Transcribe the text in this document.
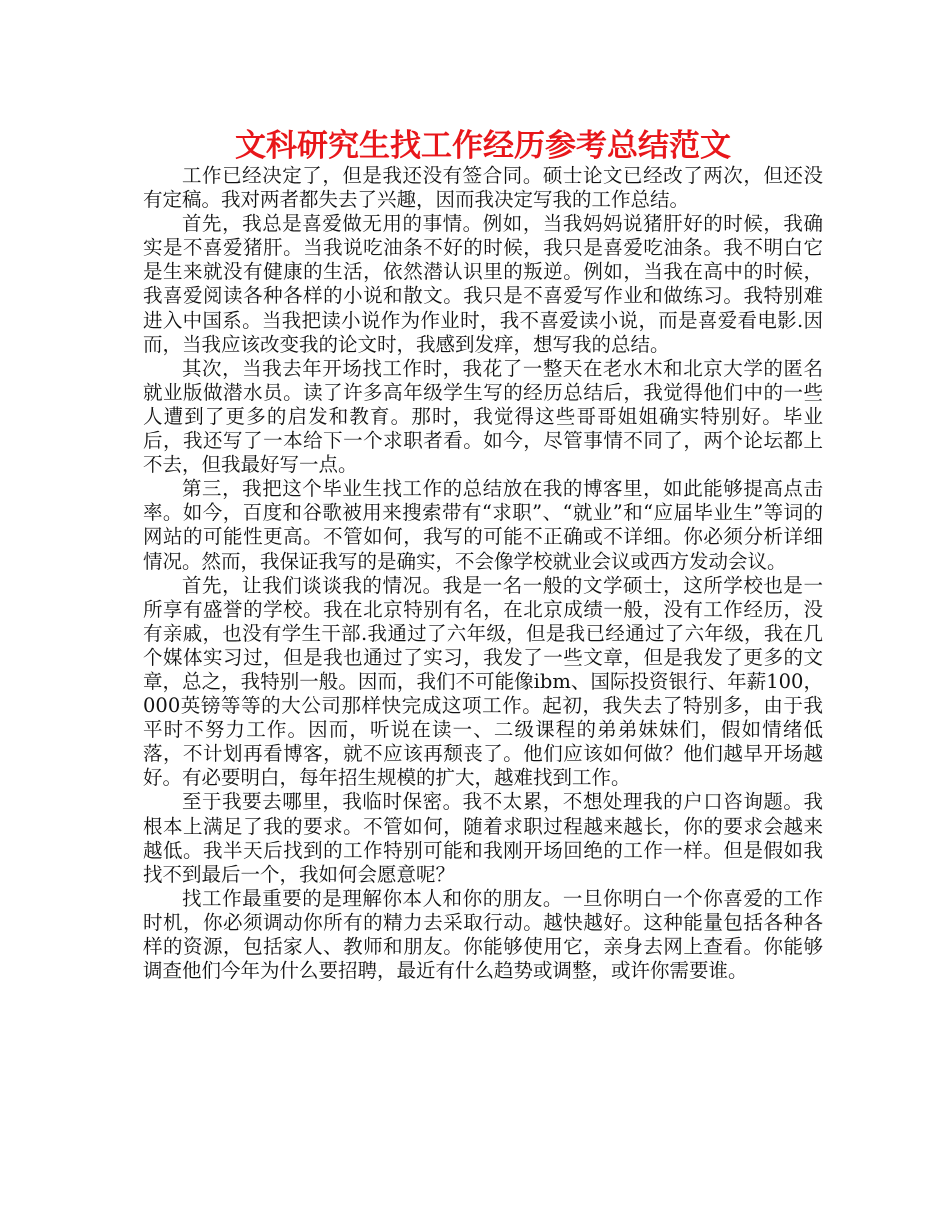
文科研究生找工作经历参考总结范文

工作已经决定了，但是我还没有签合同。硕士论文已经改了两次，但还没有定稿。我对两者都失去了兴趣，因而我决定写我的工作总结。

首先，我总是喜爱做无用的事情。例如，当我妈妈说猪肝好的时候，我确实是不喜爱猪肝。当我说吃油条不好的时候，我只是喜爱吃油条。我不明白它是生来就没有健康的生活，依然潜认识里的叛逆。例如，当我在高中的时候，我喜爱阅读各种各样的小说和散文。我只是不喜爱写作业和做练习。我特别难进入中国系。当我把读小说作为作业时，我不喜爱读小说，而是喜爱看电影.因而，当我应该改变我的论文时，我感到发痒，想写我的总结。

其次，当我去年开场找工作时，我花了一整天在老水木和北京大学的匿名就业版做潜水员。读了许多高年级学生写的经历总结后，我觉得他们中的一些人遭到了更多的启发和教育。那时，我觉得这些哥哥姐姐确实特别好。毕业后，我还写了一本给下一个求职者看。如今，尽管事情不同了，两个论坛都上不去，但我最好写一点。

第三，我把这个毕业生找工作的总结放在我的博客里，如此能够提高点击率。如今，百度和谷歌被用来搜索带有“求职”、“就业”和“应届毕业生”等词的网站的可能性更高。不管如何，我写的可能不正确或不详细。你必须分析详细情况。然而，我保证我写的是确实，不会像学校就业会议或西方发动会议。

首先，让我们谈谈我的情况。我是一名一般的文学硕士，这所学校也是一所享有盛誉的学校。我在北京特别有名，在北京成绩一般，没有工作经历，没有亲戚，也没有学生干部.我通过了六年级，但是我已经通过了六年级，我在几个媒体实习过，但是我也通过了实习，我发了一些文章，但是我发了更多的文章，总之，我特别一般。因而，我们不可能像ibm、国际投资银行、年薪100，000英镑等等的大公司那样快完成这项工作。起初，我失去了特别多，由于我平时不努力工作。因而，听说在读一、二级课程的弟弟妹妹们，假如情绪低落，不计划再看博客，就不应该再颓丧了。他们应该如何做？他们越早开场越好。有必要明白，每年招生规模的扩大，越难找到工作。

至于我要去哪里，我临时保密。我不太累，不想处理我的户口咨询题。我根本上满足了我的要求。不管如何，随着求职过程越来越长，你的要求会越来越低。我半天后找到的工作特别可能和我刚开场回绝的工作一样。但是假如我找不到最后一个，我如何会愿意呢？

找工作最重要的是理解你本人和你的朋友。一旦你明白一个你喜爱的工作时机，你必须调动你所有的精力去采取行动。越快越好。这种能量包括各种各样的资源，包括家人、教师和朋友。你能够使用它，亲身去网上查看。你能够调查他们今年为什么要招聘，最近有什么趋势或调整，或许你需要谁。
